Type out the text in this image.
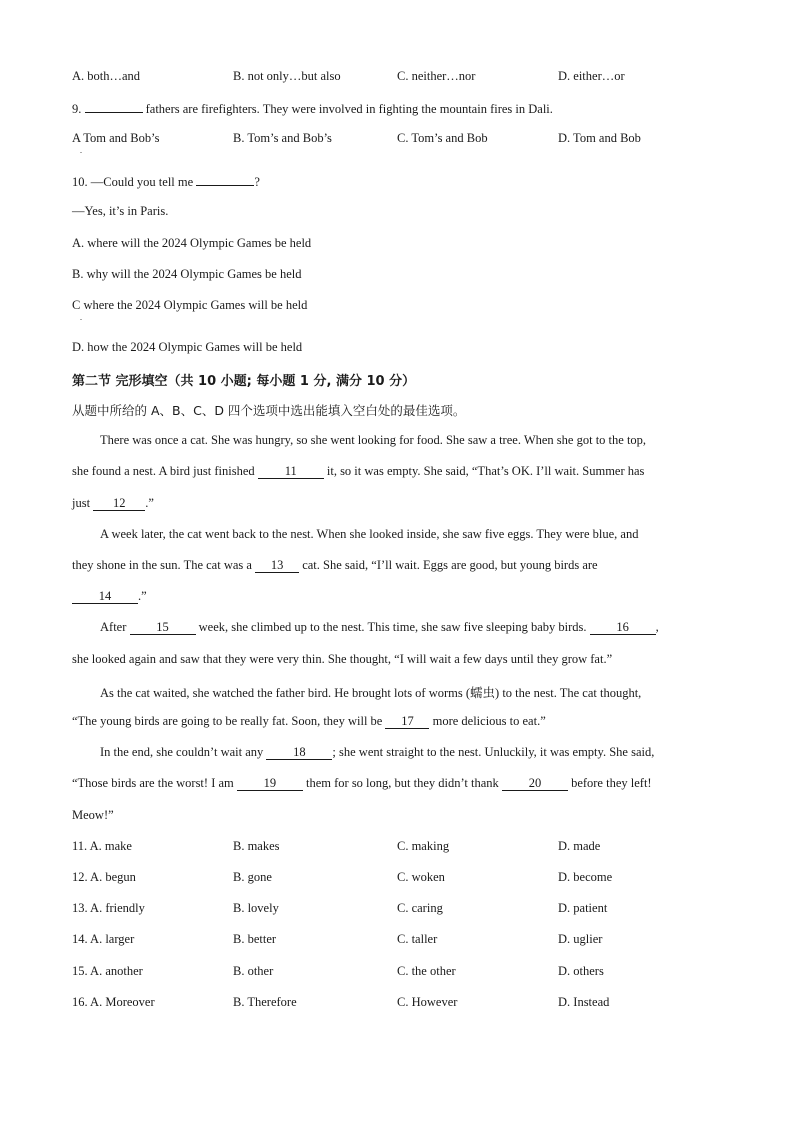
A. both…and	B. not only…but also	C. neither…nor	D. either…or
9.	fathers are firefighters. They were involved in fighting the mountain fires in Dali.
A Tom and Bob’s	B. Tom’s and Bob’s	C. Tom’s and Bob	D. Tom and Bob
.
10. —Could you tell me	?
—Yes, it’s in Paris.
A. where will the 2024 Olympic Games be held
B. why will the 2024 Olympic Games be held
C where the 2024 Olympic Games will be held
.
D. how the 2024 Olympic Games will be held
第二节 完形填空（共 10 小题; 每小题 1 分, 满分 10 分）
从题中所给的 A、B、C、D 四个选项中选出能填入空白处的最佳选项。
There was once a cat. She was hungry, so she went looking for food. She saw a tree. When she got to the top,
she found a nest. A bird just finished 11 it, so it was empty. She said, “That’s OK. I’ll wait. Summer has
just 12 .”
A week later, the cat went back to the nest. When she looked inside, she saw five eggs. They were blue, and
they shone in the sun. The cat was a 13 cat. She said, “I’ll wait. Eggs are good, but young birds are
14 .”
After 15 week, she climbed up to the nest. This time, she saw five sleeping baby birds. 16 ,
she looked again and saw that they were very thin. She thought, “I will wait a few days until they grow fat.”
As the cat waited, she watched the father bird. He brought lots of worms (蠕虫) to the nest. The cat thought,
“The young birds are going to be really fat. Soon, they will be 17 more delicious to eat.”
In the end, she couldn’t wait any 18 ; she went straight to the nest. Unluckily, it was empty. She said,
“Those birds are the worst! I am 19 them for so long, but they didn’t thank 20 before they left!
Meow!”
11. A. make	B. makes	C. making	D. made
12. A. begun	B. gone	C. woken	D. become
13. A. friendly	B. lovely	C. caring	D. patient
14. A. larger	B. better	C. taller	D. uglier
15. A. another	B. other	C. the other	D. others
16. A. Moreover	B. Therefore	C. However	D. Instead
